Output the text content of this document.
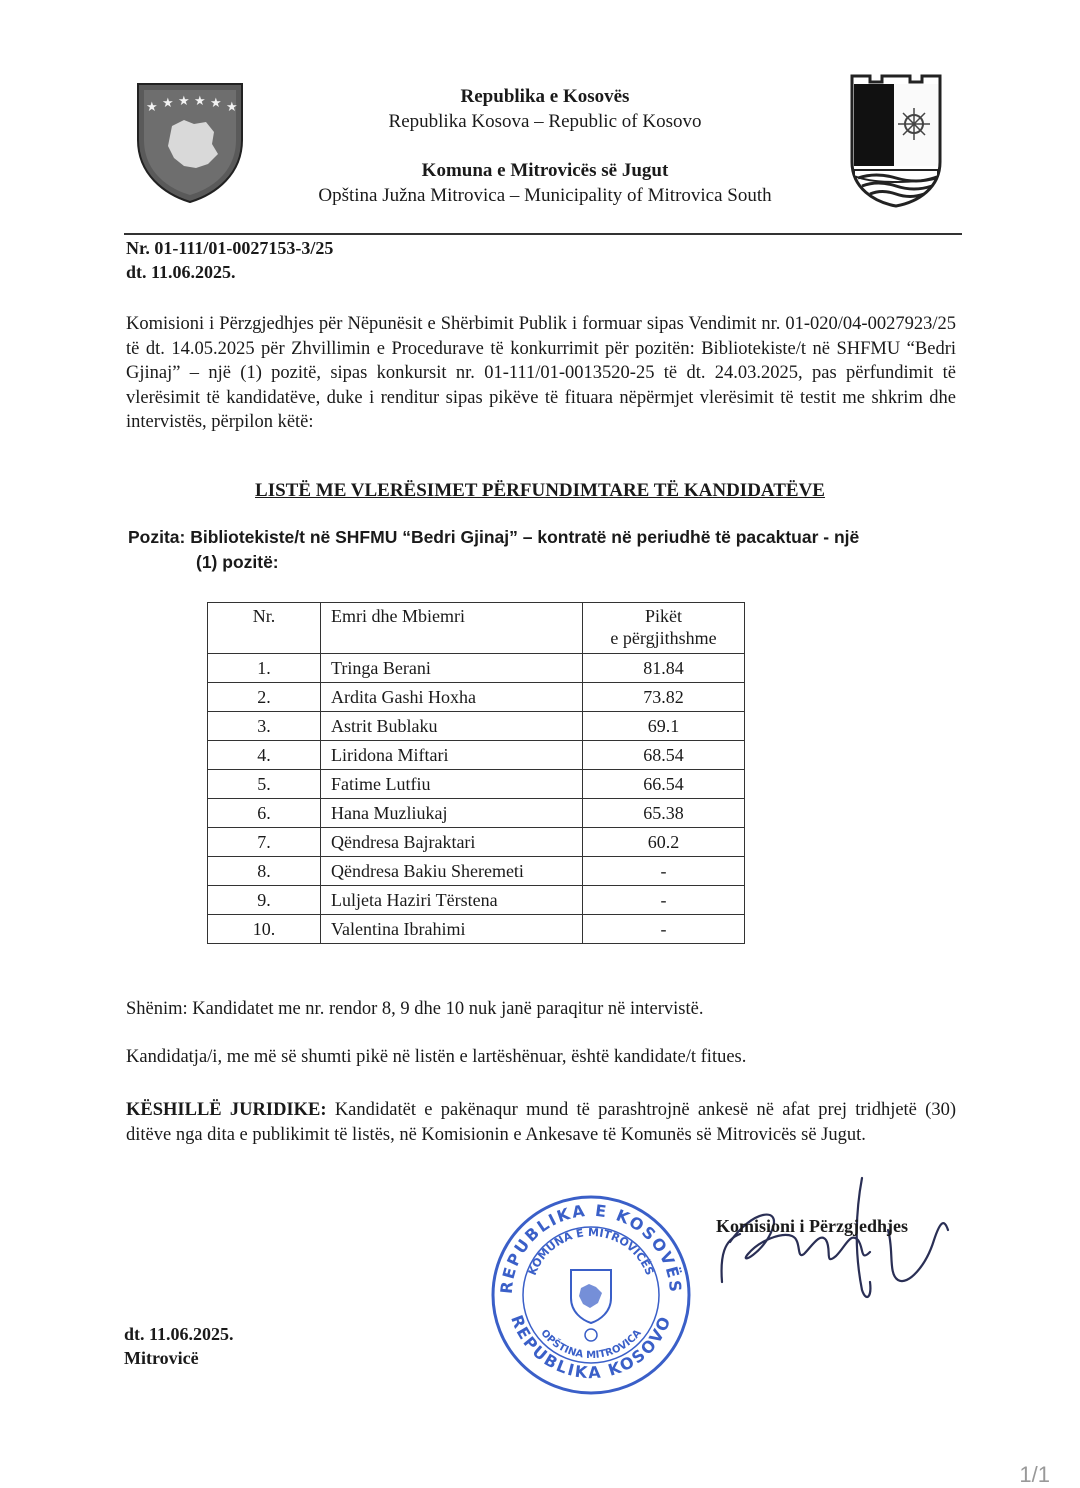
★ ★ ★ ★ ★ ★
Republika e Kosovës
Republika Kosova – Republic of Kosovo
Komuna e Mitrovicës së Jugut
Opština Južna Mitrovica – Municipality of Mitrovica South
Nr. 01-111/01-0027153-3/25
dt. 11.06.2025.
Komisioni i Përzgjedhjes për Nëpunësit e Shërbimit Publik i formuar sipas Vendimit nr. 01-020/04-0027923/25 të dt. 14.05.2025 për Zhvillimin e Procedurave të konkurrimit për pozitën: Bibliotekiste/t në SHFMU “Bedri Gjinaj” – një (1) pozitë, sipas konkursit nr. 01-111/01-0013520-25 të dt. 24.03.2025, pas përfundimit të vlerësimit të kandidatëve, duke i renditur sipas pikëve të fituara nëpërmjet vlerësimit të testit me shkrim dhe intervistës, përpilon këtë:
LISTË ME VLERËSIMET PËRFUNDIMTARE TË KANDIDATËVE
Pozita: Bibliotekiste/t në SHFMU “Bedri Gjinaj” – kontratë në periudhë të pacaktuar - një
(1) pozitë:
Nr.	Emri dhe Mbiemri	Pikët
e përgjithshme

1.	Tringa Berani	81.84
2.	Ardita Gashi Hoxha	73.82
3.	Astrit Bublaku	69.1
4.	Liridona Miftari	68.54
5.	Fatime Lutfiu	66.54
6.	Hana Muzliukaj	65.38
7.	Qëndresa Bajraktari	60.2
8.	Qëndresa Bakiu Sheremeti	-
9.	Luljeta Haziri Tërstena	-
10.	Valentina Ibrahimi	-
Shënim: Kandidatet me nr. rendor 8, 9 dhe 10 nuk janë paraqitur në intervistë.
Kandidatja/i, me më së shumti pikë në listën e lartëshënuar, është kandidate/t fitues.
KËSHILLË JURIDIKE: Kandidatët e pakënaqur mund të parashtrojnë ankesë në afat prej tridhjetë (30) ditëve nga dita e publikimit të listës, në Komisionin e Ankesave të Komunës së Mitrovicës së Jugut.
REPUBLIKA E KOSOVËS
REPUBLIKA KOSOVO
KOMUNA E MITROVICËS
OPŠTINA MITROVICA
Komisioni i Përzgjedhjes
dt. 11.06.2025.
Mitrovicë
1/1
